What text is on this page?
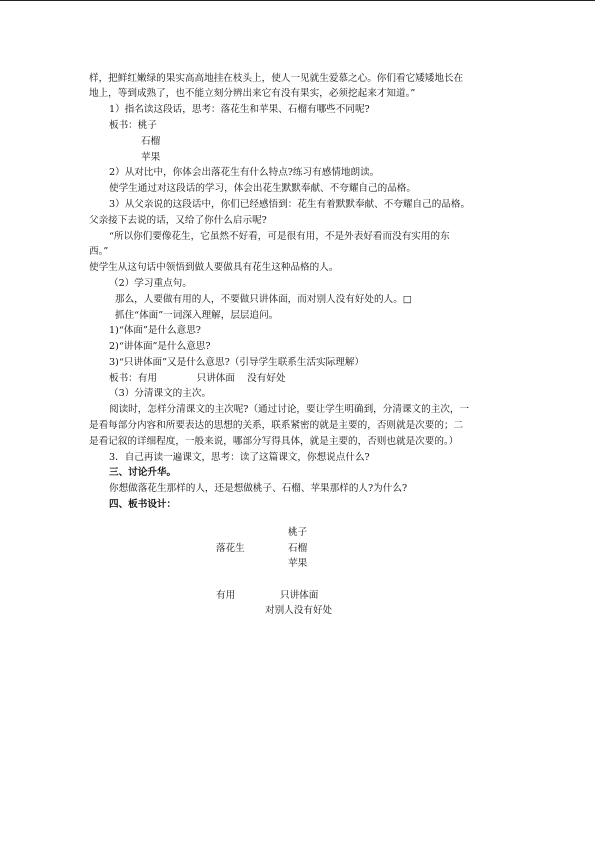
样，把鲜红嫩绿的果实高高地挂在枝头上，使人一见就生爱慕之心。你们看它矮矮地长在
地上，等到成熟了，也不能立刻分辨出来它有没有果实，必须挖起来才知道。”
1）指名读这段话，思考：落花生和苹果、石榴有哪些不同呢?
板书：桃子
石榴
苹果
2）从对比中，你体会出落花生有什么特点?练习有感情地朗读。
使学生通过对这段话的学习，体会出花生默默奉献、不夸耀自己的品格。
3）从父亲说的这段话中，你们已经感悟到：花生有着默默奉献、不夸耀自己的品格。
父亲接下去说的话，又给了你什么启示呢?
“所以你们要像花生，它虽然不好看，可是很有用，不是外表好看而没有实用的东
西。”
使学生从这句话中领悟到做人要做具有花生这种品格的人。
（2）学习重点句。
那么，人要做有用的人，不要做只讲体面，而对别人没有好处的人。□
抓住“体面”一词深入理解，层层追问。
1)“体面”是什么意思?
2)“讲体面”是什么意思?
3)“只讲体面”又是什么意思?（引导学生联系生活实际理解）
板书：有用             只讲体面    没有好处
（3）分清课文的主次。
阅读时，怎样分清课文的主次呢?（通过讨论，要让学生明确到，分清课文的主次，一
是看每部分内容和所要表达的思想的关系，联系紧密的就是主要的，否则就是次要的；二
是看记叙的详细程度，一般来说，哪部分写得具体，就是主要的，否则也就是次要的。）
3．自己再读一遍课文，思考：读了这篇课文，你想说点什么?
三、讨论升华。
你想做落花生那样的人，还是想做桃子、石榴、苹果那样的人?为什么?
四、板书设计：
桃子
落花生	石榴
苹果
有用	只讲体面
对别人没有好处
